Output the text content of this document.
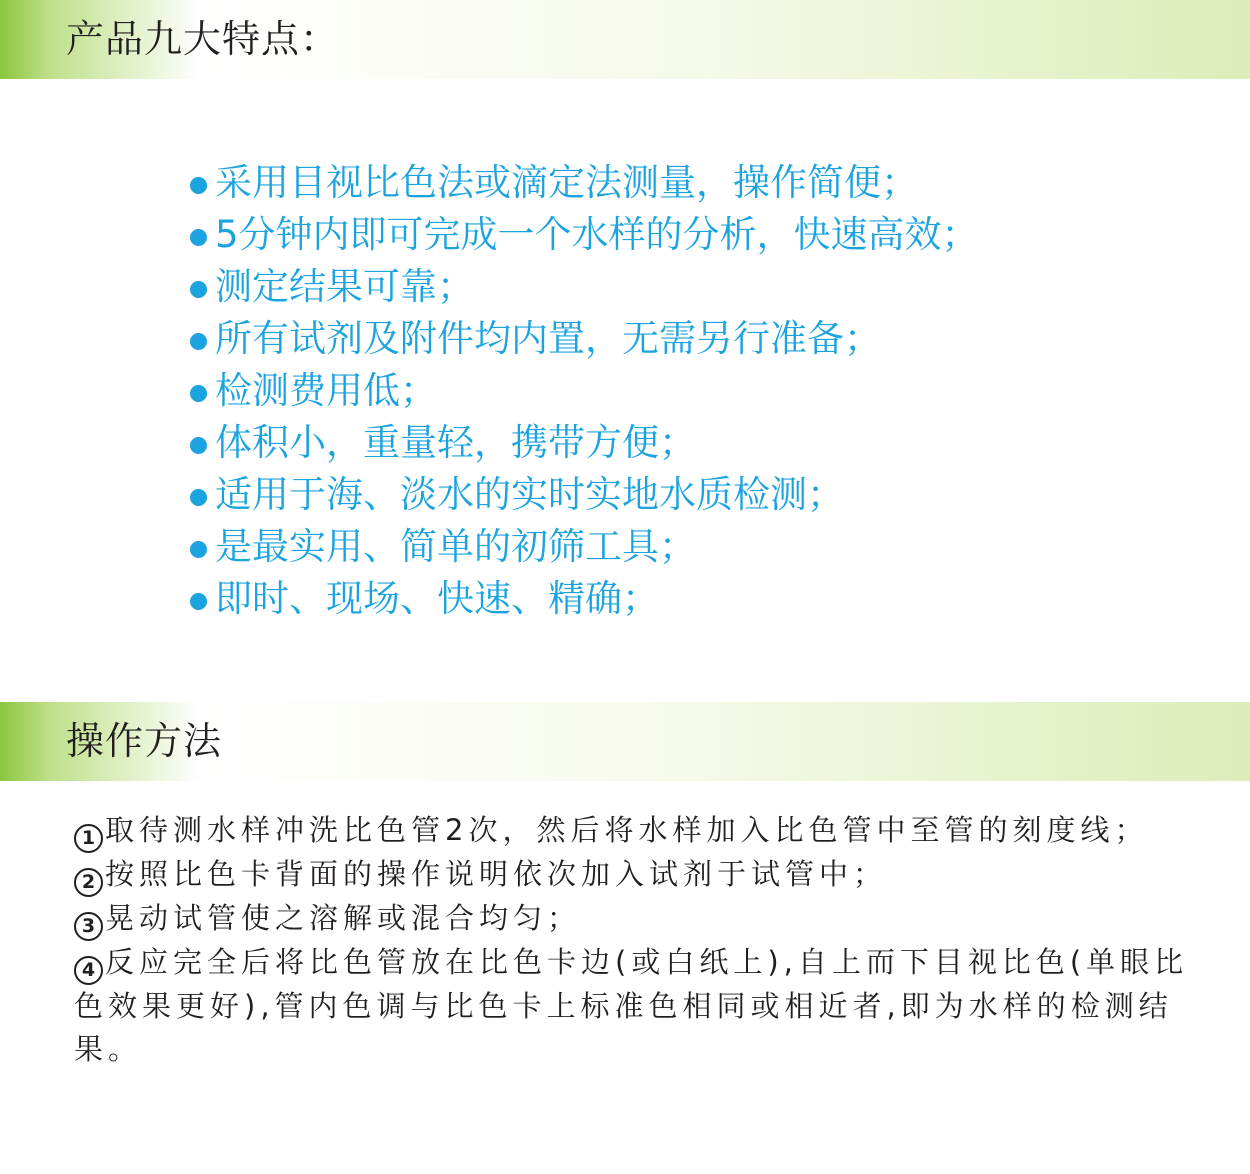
产品九大特点：
采用目视比色法或滴定法测量，操作简便；
5分钟内即可完成一个水样的分析，快速高效；
测定结果可靠；
所有试剂及附件均内置，无需另行准备；
检测费用低；
体积小，重量轻，携带方便；
适用于海、淡水的实时实地水质检测；
是最实用、简单的初筛工具；
即时、现场、快速、精确；
操作方法
1 取待测水样冲洗比色管2次，然后将水样加入比色管中至管的刻度线；
2 按照比色卡背面的操作说明依次加入试剂于试管中；
3 晃动试管使之溶解或混合均匀；
4 反应完全后将比色管放在比色卡边(或白纸上),自上而下目视比色(单眼比色效果更好),管内色调与比色卡上标准色相同或相近者,即为水样的检测结果。
